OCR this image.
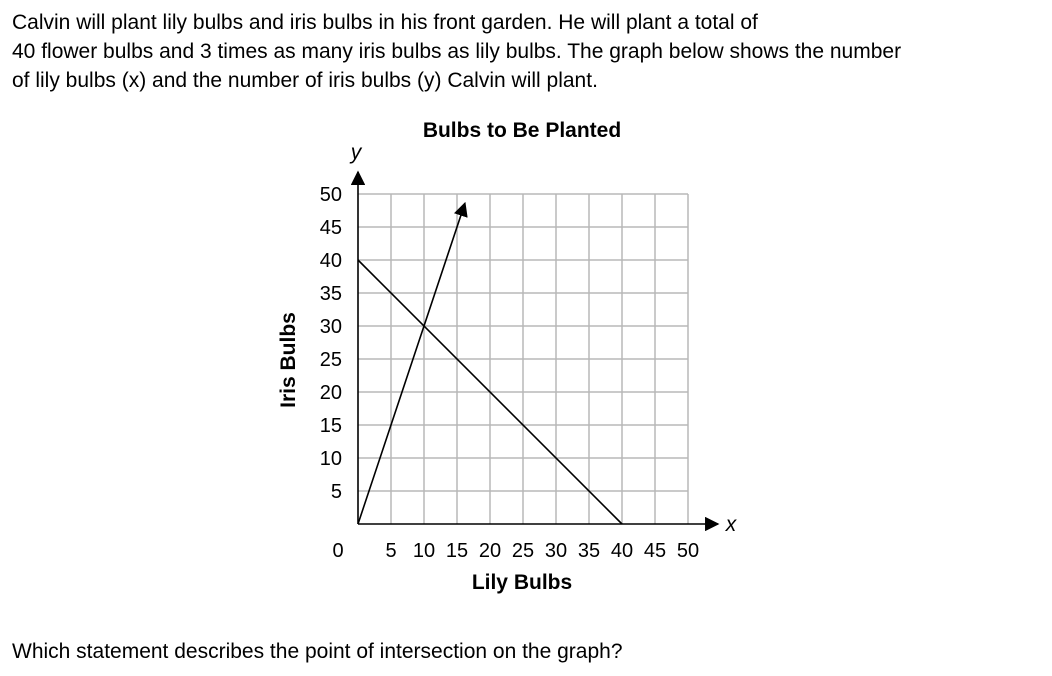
Calvin will plant lily bulbs and iris bulbs in his front garden. He will plant a total of
40 flower bulbs and 3 times as many iris bulbs as lily bulbs. The graph below shows the number
of lily bulbs (x) and the number of iris bulbs (y) Calvin will plant.
Bulbs to Be Planted
5 10 15 20 25 30 35 40 45 50
50
45
40
35
30
25
20
15
10
5
y
x
Lily Bulbs
Iris Bulbs
0
Which statement describes the point of intersection on the graph?
